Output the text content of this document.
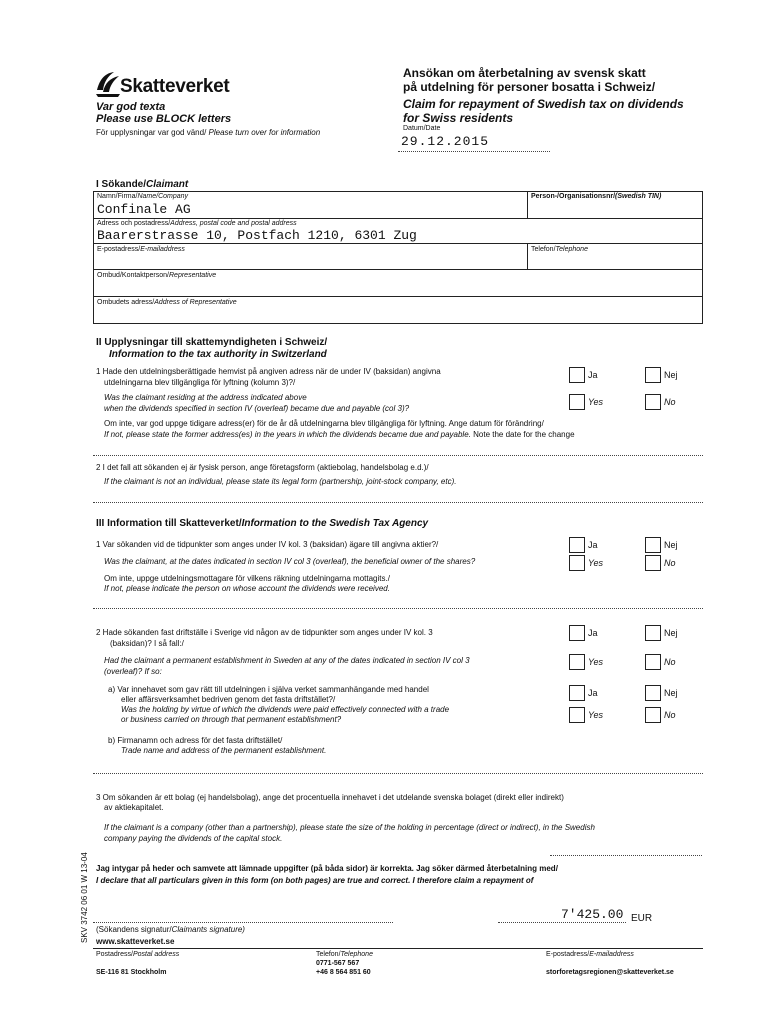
Skatteverket
Var god texta
Please use BLOCK letters
För upplysningar var god vänd/ Please turn over for information
Ansökan om återbetalning av svensk skatt
på utdelning för personer bosatta i Schweiz/
Claim for repayment of Swedish tax on dividends
for Swiss residents
Datum/Date
29.12.2015
I Sökande/Claimant
Namn/Firma/Name/Company
Confinale AG
Person-/Organisationsnr/(Swedish TIN)
Adress och postadress/Address, postal code and postal address
Baarerstrasse 10, Postfach 1210, 6301 Zug
E-postadress/E-mailaddress	Telefon/Telephone
Ombud/Kontaktperson/Representative
Ombudets adress/Address of Representative
II Upplysningar till skattemyndigheten i Schweiz/
Information to the tax authority in Switzerland
1 Hade den utdelningsberättigade hemvist på angiven adress när de under IV (baksidan) angivna
utdelningarna blev tillgängliga för lyftning (kolumn 3)?/
Was the claimant residing at the address indicated above
when the dividends specified in section IV (overleaf) became due and payable (col 3)?
Ja	Nej
Yes	No
Om inte, var god uppge tidigare adress(er) för de år då utdelningarna blev tillgängliga för lyftning. Ange datum för förändring/
If not, please state the former address(es) in the years in which the dividends became due and payable. Note the date for the change
2 I det fall att sökanden ej är fysisk person, ange företagsform (aktiebolag, handelsbolag e.d.)/
If the claimant is not an individual, please state its legal form (partnership, joint-stock company, etc).
III Information till Skatteverket/Information to the Swedish Tax Agency
1 Var sökanden vid de tidpunkter som anges under IV kol. 3 (baksidan) ägare till angivna aktier?/
Was the claimant, at the dates indicated in section IV col 3 (overleaf), the beneficial owner of the shares?
Ja	Nej
Yes	No
Om inte, uppge utdelningsmottagare för vilkens räkning utdelningarna mottagits./
If not, please indicate the person on whose account the dividends were received.
2 Hade sökanden fast driftställe i Sverige vid någon av de tidpunkter som anges under IV kol. 3
(baksidan)? I så fall:/
Had the claimant a permanent establishment in Sweden at any of the dates indicated in section IV col 3
(overleaf)? If so:
Ja	Nej
Yes	No
a) Var innehavet som gav rätt till utdelningen i själva verket sammanhängande med handel
eller affärsverksamhet bedriven genom det fasta driftstället?/
Was the holding by virtue of which the dividends were paid effectively connected with a trade
or business carried on through that permanent establishment?
Ja	Nej
Yes	No
b) Firmanamn och adress för det fasta driftstället/
Trade name and address of the permanent establishment.
3 Om sökanden är ett bolag (ej handelsbolag), ange det procentuella innehavet i det utdelande svenska bolaget (direkt eller indirekt)
av aktiekapitalet.
If the claimant is a company (other than a partnership), please state the size of the holding in percentage (direct or indirect), in the Swedish
company paying the dividends of the capital stock.
Jag intygar på heder och samvete att lämnade uppgifter (på båda sidor) är korrekta. Jag söker därmed återbetalning med/
I declare that all particulars given in this form (on both pages) are true and correct. I therefore claim a repayment of
7'425.00 EUR
(Sökandens signatur/Claimants signature)
www.skatteverket.se
Postadress/Postal address
SE-116 81 Stockholm
Telefon/Telephone
0771-567 567
+46 8 564 851 60
E-postadress/E-mailaddress
storforetagsregionen@skatteverket.se
SKV 3742 06 01 W 13-04
